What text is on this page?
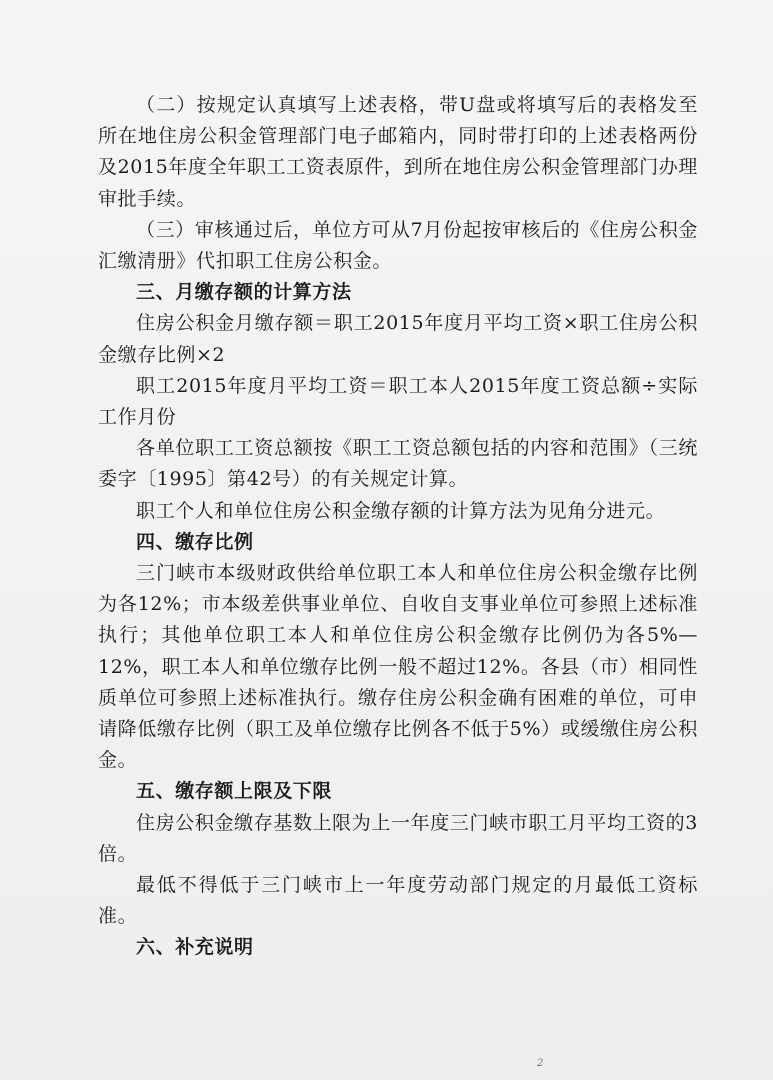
（二）按规定认真填写上述表格，带U盘或将填写后的表格发至所在地住房公积金管理部门电子邮箱内，同时带打印的上述表格两份及2015年度全年职工工资表原件，到所在地住房公积金管理部门办理审批手续。

（三）审核通过后，单位方可从7月份起按审核后的《住房公积金汇缴清册》代扣职工住房公积金。

三、月缴存额的计算方法

住房公积金月缴存额＝职工2015年度月平均工资×职工住房公积金缴存比例×2

职工2015年度月平均工资＝职工本人2015年度工资总额÷实际工作月份

各单位职工工资总额按《职工工资总额包括的内容和范围》（三统委字〔1995〕第42号）的有关规定计算。

职工个人和单位住房公积金缴存额的计算方法为见角分进元。

四、缴存比例

三门峡市本级财政供给单位职工本人和单位住房公积金缴存比例为各12%；市本级差供事业单位、自收自支事业单位可参照上述标准执行；其他单位职工本人和单位住房公积金缴存比例仍为各5%—12%，职工本人和单位缴存比例一般不超过12%。各县（市）相同性质单位可参照上述标准执行。缴存住房公积金确有困难的单位，可申请降低缴存比例（职工及单位缴存比例各不低于5%）或缓缴住房公积金。

五、缴存额上限及下限

住房公积金缴存基数上限为上一年度三门峡市职工月平均工资的3倍。

最低不得低于三门峡市上一年度劳动部门规定的月最低工资标准。

六、补充说明

2
